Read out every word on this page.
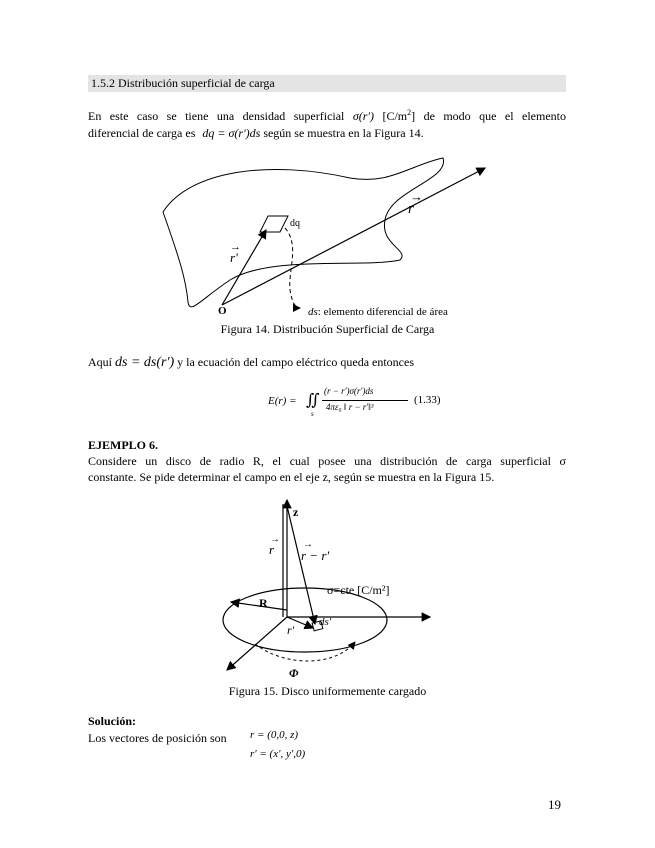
1.5.2 Distribución superficial de carga
En este caso se tiene una densidad superficial σ(r') $[C/m^2]$ de modo que el elemento
diferencial de carga es dq = σ(r')ds según se muestra en la Figura 14.
dq
r
→
r'
→
O	ds: elemento diferencial de área
Figura 14. Distribución Superficial de Carga
Aquí ds = ds(r') y la ecuación del campo eléctrico queda entonces
E(r) = ∬
s
(r − r')σ(r')ds
4πε₀ ‖ r − r'‖³
(1.33)
EJEMPLO 6.
Considere un disco de radio R, el cual posee una distribución de carga superficial σ
constante. Se pide determinar el campo en el eje z, según se muestra en la Figura 15.
z
r
→
r − r'
→
σ=cte [C/m²]
R
r'
ds'
Φ
Figura 15. Disco uniformemente cargado
Solución:
Los vectores de posición son r = (0,0, z)
r' = (x', y',0)
19
